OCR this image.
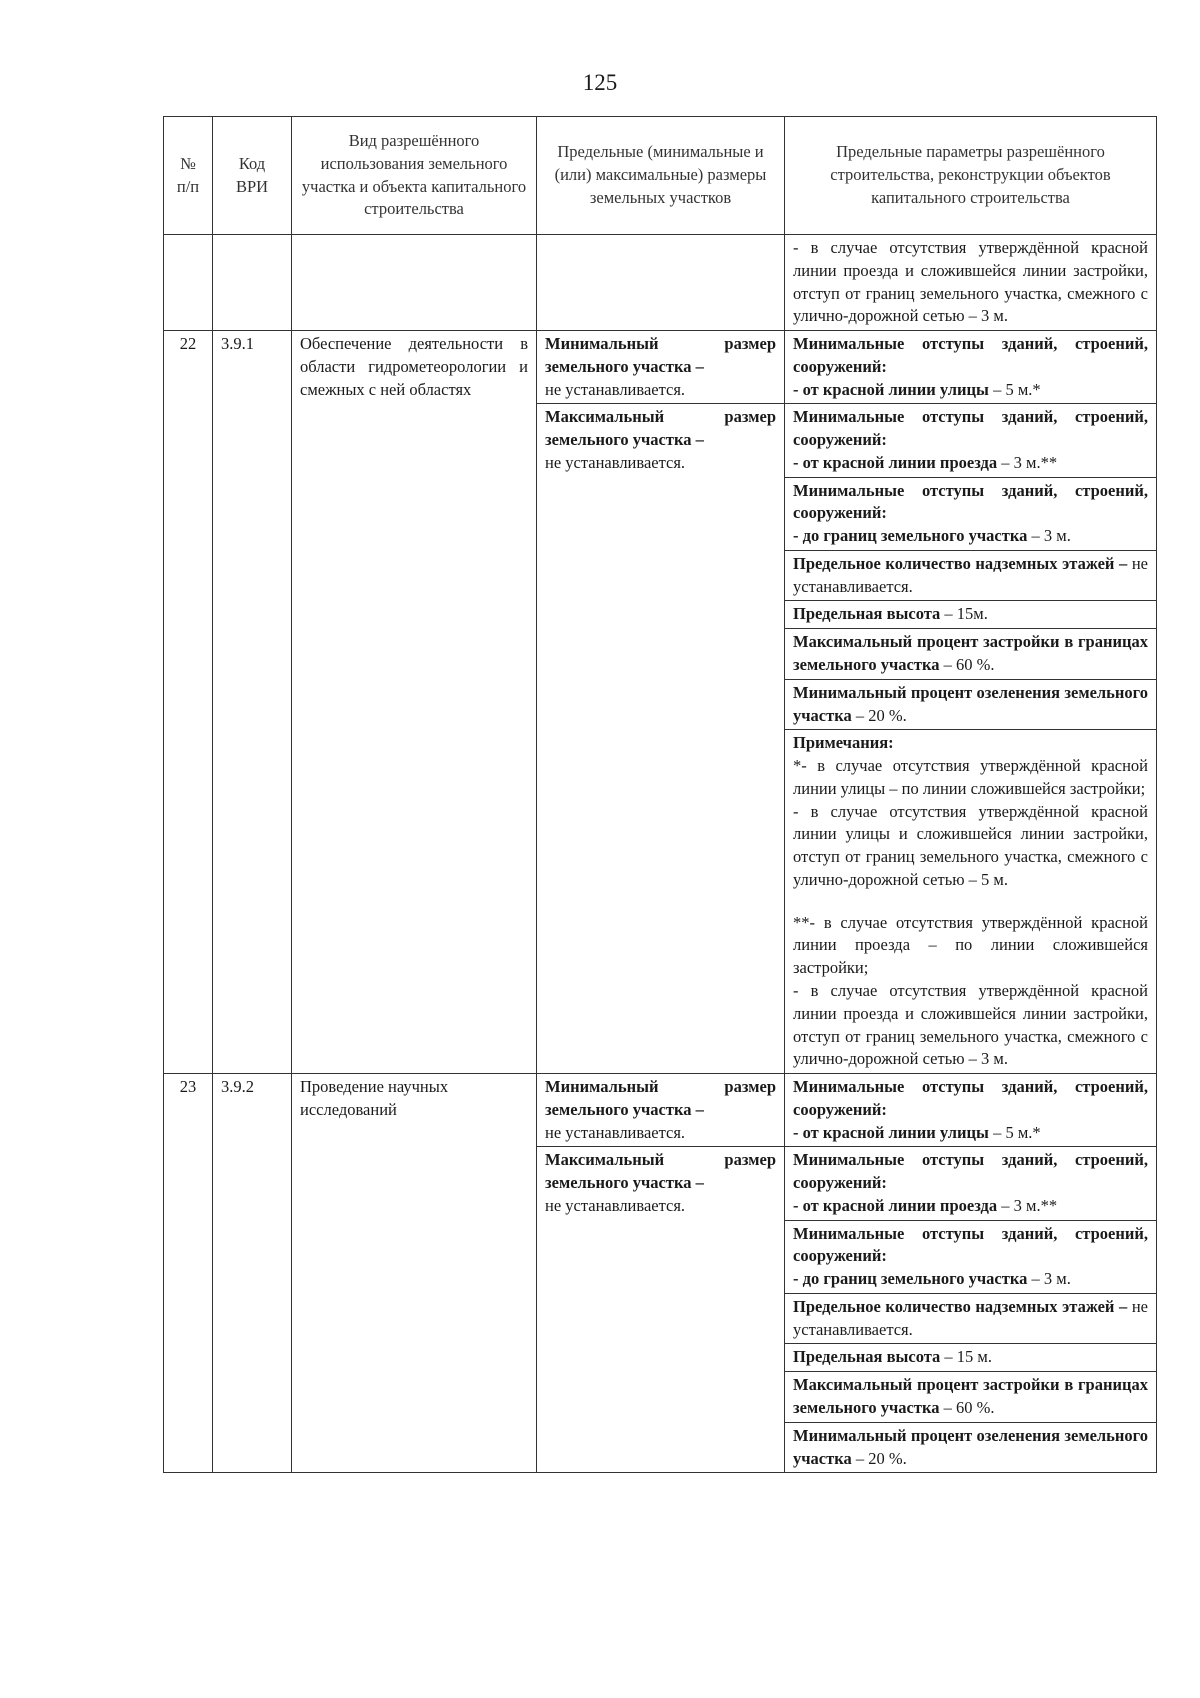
125
№ п/п	Код ВРИ	Вид разрешённого использования земельного участка и объекта капитального строительства	Предельные (минимальные и (или) максимальные) размеры земельных участков	Предельные параметры разрешённого строительства, реконструкции объектов капитального строительства
				- в случае отсутствия утверждённой красной линии проезда и сложившейся линии застройки, отступ от границ земельного участка, смежного с улично-дорожной сетью – 3 м.
22	3.9.1	Обеспечение деятельности в области гидрометеорологии и смежных с ней областях	Минимальный размер земельного участка –
не устанавливается.	Минимальные отступы зданий, строений, сооружений:
- от красной линии улицы – 5 м.*
			Максимальный размер земельного участка –
не устанавливается.	Минимальные отступы зданий, строений, сооружений:
- от красной линии проезда – 3 м.**
				Минимальные отступы зданий, строений, сооружений:
- до границ земельного участка – 3 м.
				Предельное количество надземных этажей – не устанавливается.
				Предельная высота – 15м.
				Максимальный процент застройки в границах земельного участка – 60 %.
				Минимальный процент озеленения земельного участка – 20 %.

				Примечания:
*- в случае отсутствия утверждённой красной линии улицы – по линии сложившейся застройки;
- в случае отсутствия утверждённой красной линии улицы и сложившейся линии застройки, отступ от границ земельного участка, смежного с улично-дорожной сетью – 5 м.
**- в случае отсутствия утверждённой красной линии проезда – по линии сложившейся застройки;
- в случае отсутствия утверждённой красной линии проезда и сложившейся линии застройки, отступ от границ земельного участка, смежного с улично-дорожной сетью – 3 м.

23	3.9.2	Проведение научных исследований	Минимальный размер земельного участка –
не устанавливается.	Минимальные отступы зданий, строений, сооружений:
- от красной линии улицы – 5 м.*
			Максимальный размер земельного участка –
не устанавливается.	Минимальные отступы зданий, строений, сооружений:
- от красной линии проезда – 3 м.**
				Минимальные отступы зданий, строений, сооружений:
- до границ земельного участка – 3 м.
				Предельное количество надземных этажей – не устанавливается.
				Предельная высота – 15 м.
				Максимальный процент застройки в границах земельного участка – 60 %.
				Минимальный процент озеленения земельного участка – 20 %.
